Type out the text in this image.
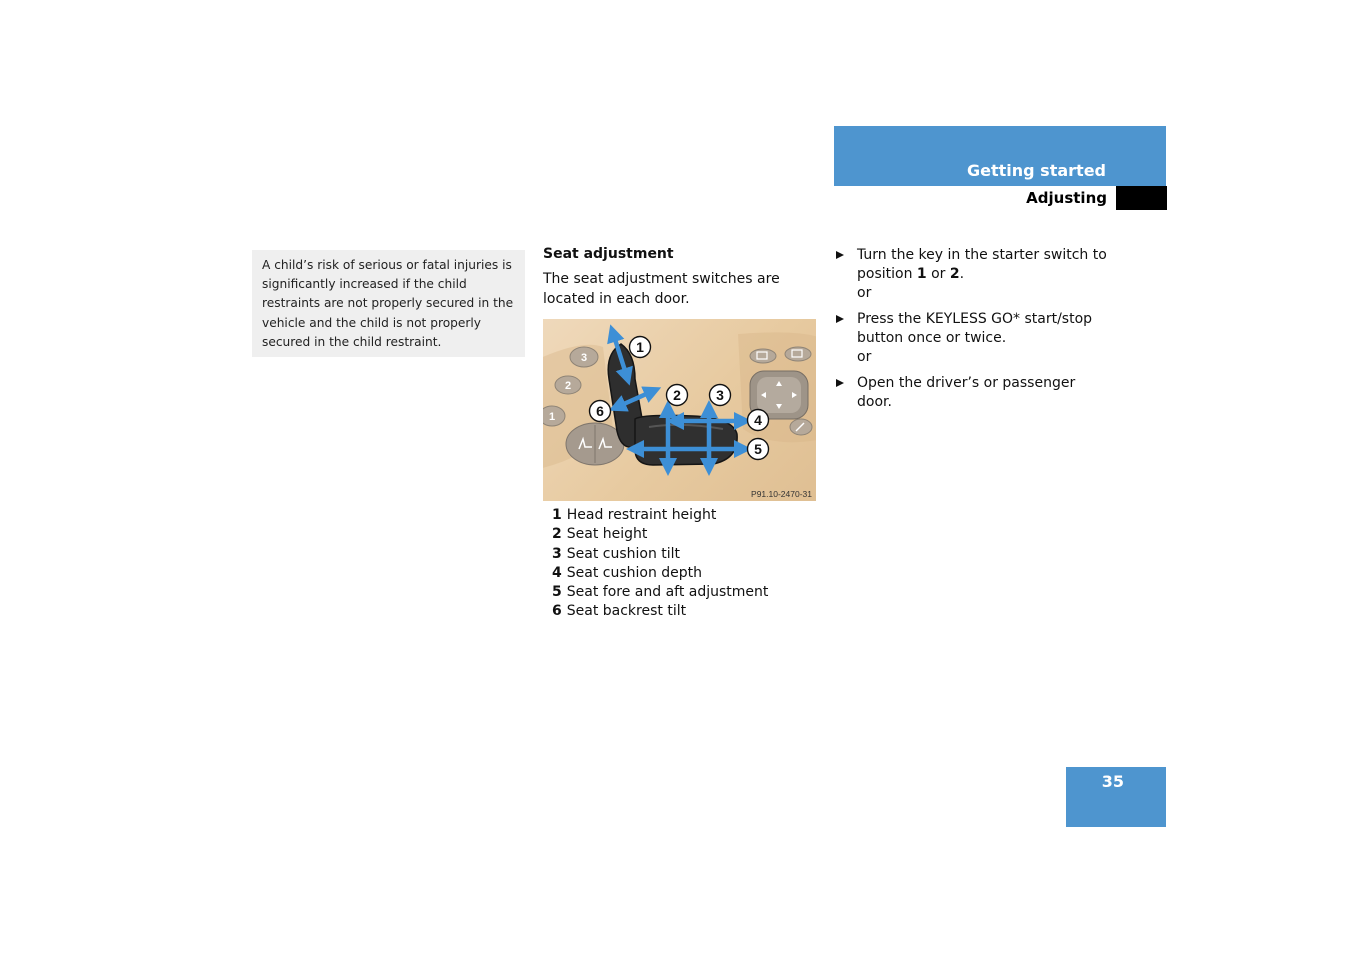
Getting started
Adjusting
A child’s risk of serious or fatal injuries is significantly increased if the child restraints are not properly secured in the vehicle and the child is not properly secured in the child restraint.
Seat adjustment

The seat adjustment switches are located in each door.

3
2
1
1
2	3
4
5
6
P91.10-2470-31
1 Head restraint height
2 Seat height
3 Seat cushion tilt
4 Seat cushion depth
5 Seat fore and aft adjustment
6 Seat backrest tilt
Turn the key in the starter switch to position 1 or 2.
or
Press the KEYLESS GO* start/stop button once or twice.
or
Open the driver’s or passenger door.
35
